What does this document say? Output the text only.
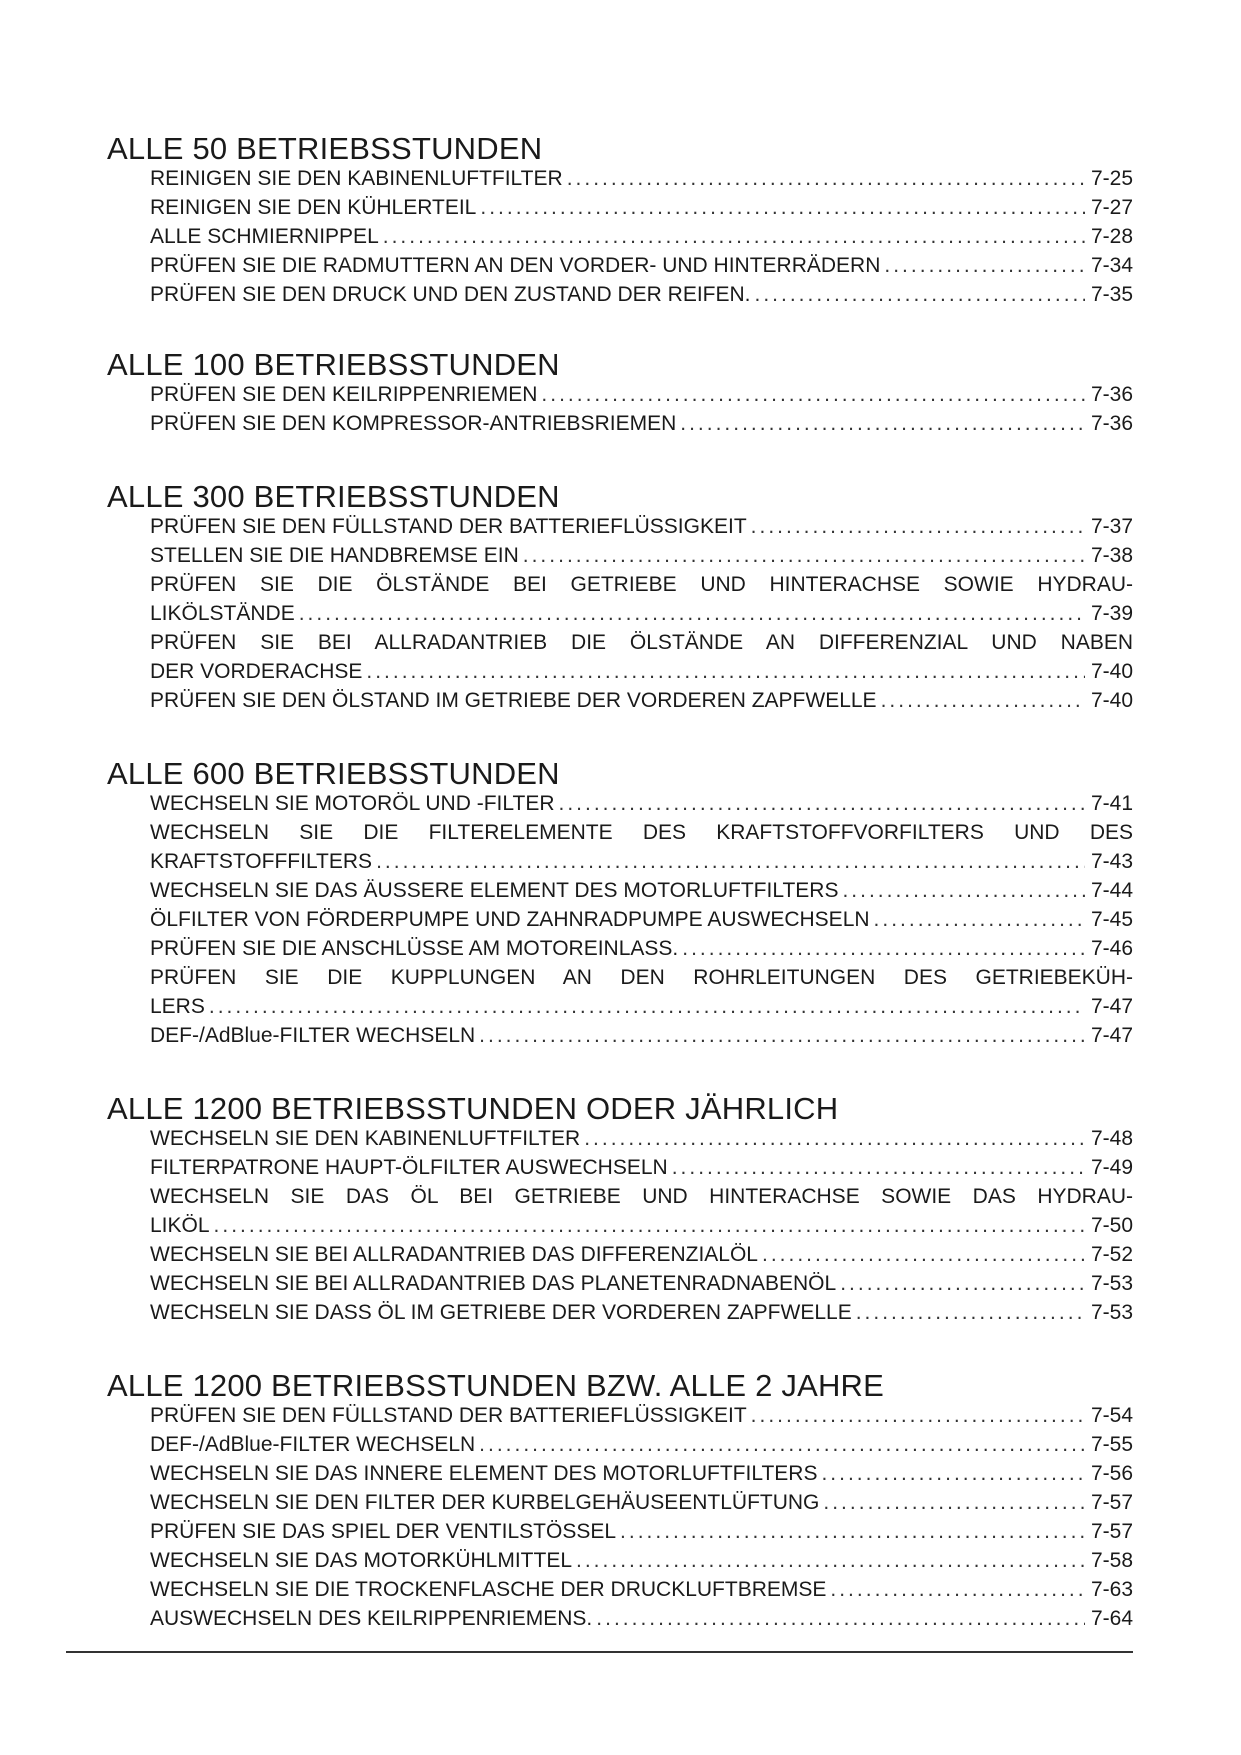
ALLE 50 BETRIEBSSTUNDEN
REINIGEN SIE DEN KABINENLUFTFILTER .....	7-25
REINIGEN SIE DEN KÜHLERTEIL .....	7-27
ALLE SCHMIERNIPPEL .....	7-28
PRÜFEN SIE DIE RADMUTTERN AN DEN VORDER- UND HINTERRÄDERN .....	7-34
PRÜFEN SIE DEN DRUCK UND DEN ZUSTAND DER REIFEN. .....	7-35
ALLE 100 BETRIEBSSTUNDEN
PRÜFEN SIE DEN KEILRIPPENRIEMEN .....	7-36
PRÜFEN SIE DEN KOMPRESSOR-ANTRIEBSRIEMEN .....	7-36
ALLE 300 BETRIEBSSTUNDEN
PRÜFEN SIE DEN FÜLLSTAND DER BATTERIEFLÜSSIGKEIT .....	7-37
STELLEN SIE DIE HANDBREMSE EIN .....	7-38
PRÜFEN SIE DIE ÖLSTÄNDE BEI GETRIEBE UND HINTERACHSE SOWIE HYDRAU-
LIKÖLSTÄNDE .....	7-39
PRÜFEN SIE BEI ALLRADANTRIEB DIE ÖLSTÄNDE AN DIFFERENZIAL UND NABEN
DER VORDERACHSE .....	7-40
PRÜFEN SIE DEN ÖLSTAND IM GETRIEBE DER VORDEREN ZAPFWELLE .....	7-40
ALLE 600 BETRIEBSSTUNDEN
WECHSELN SIE MOTORÖL UND -FILTER .....	7-41
WECHSELN SIE DIE FILTERELEMENTE DES KRAFTSTOFFVORFILTERS UND DES
KRAFTSTOFFFILTERS .....	7-43
WECHSELN SIE DAS ÄUSSERE ELEMENT DES MOTORLUFTFILTERS .....	7-44
ÖLFILTER VON FÖRDERPUMPE UND ZAHNRADPUMPE AUSWECHSELN .....	7-45
PRÜFEN SIE DIE ANSCHLÜSSE AM MOTOREINLASS. .....	7-46
PRÜFEN SIE DIE KUPPLUNGEN AN DEN ROHRLEITUNGEN DES GETRIEBEKÜH-
LERS .....	7-47
DEF-/AdBlue-FILTER WECHSELN .....	7-47
ALLE 1200 BETRIEBSSTUNDEN ODER JÄHRLICH
WECHSELN SIE DEN KABINENLUFTFILTER .....	7-48
FILTERPATRONE HAUPT-ÖLFILTER AUSWECHSELN .....	7-49
WECHSELN SIE DAS ÖL BEI GETRIEBE UND HINTERACHSE SOWIE DAS HYDRAU-
LIKÖL .....	7-50
WECHSELN SIE BEI ALLRADANTRIEB DAS DIFFERENZIALÖL .....	7-52
WECHSELN SIE BEI ALLRADANTRIEB DAS PLANETENRADNABENÖL .....	7-53
WECHSELN SIE DASS ÖL IM GETRIEBE DER VORDEREN ZAPFWELLE .....	7-53
ALLE 1200 BETRIEBSSTUNDEN BZW. ALLE 2 JAHRE
PRÜFEN SIE DEN FÜLLSTAND DER BATTERIEFLÜSSIGKEIT .....	7-54
DEF-/AdBlue-FILTER WECHSELN .....	7-55
WECHSELN SIE DAS INNERE ELEMENT DES MOTORLUFTFILTERS .....	7-56
WECHSELN SIE DEN FILTER DER KURBELGEHÄUSEENTLÜFTUNG .....	7-57
PRÜFEN SIE DAS SPIEL DER VENTILSTÖSSEL .....	7-57
WECHSELN SIE DAS MOTORKÜHLMITTEL .....	7-58
WECHSELN SIE DIE TROCKENFLASCHE DER DRUCKLUFTBREMSE .....	7-63
AUSWECHSELN DES KEILRIPPENRIEMENS. .....	7-64
